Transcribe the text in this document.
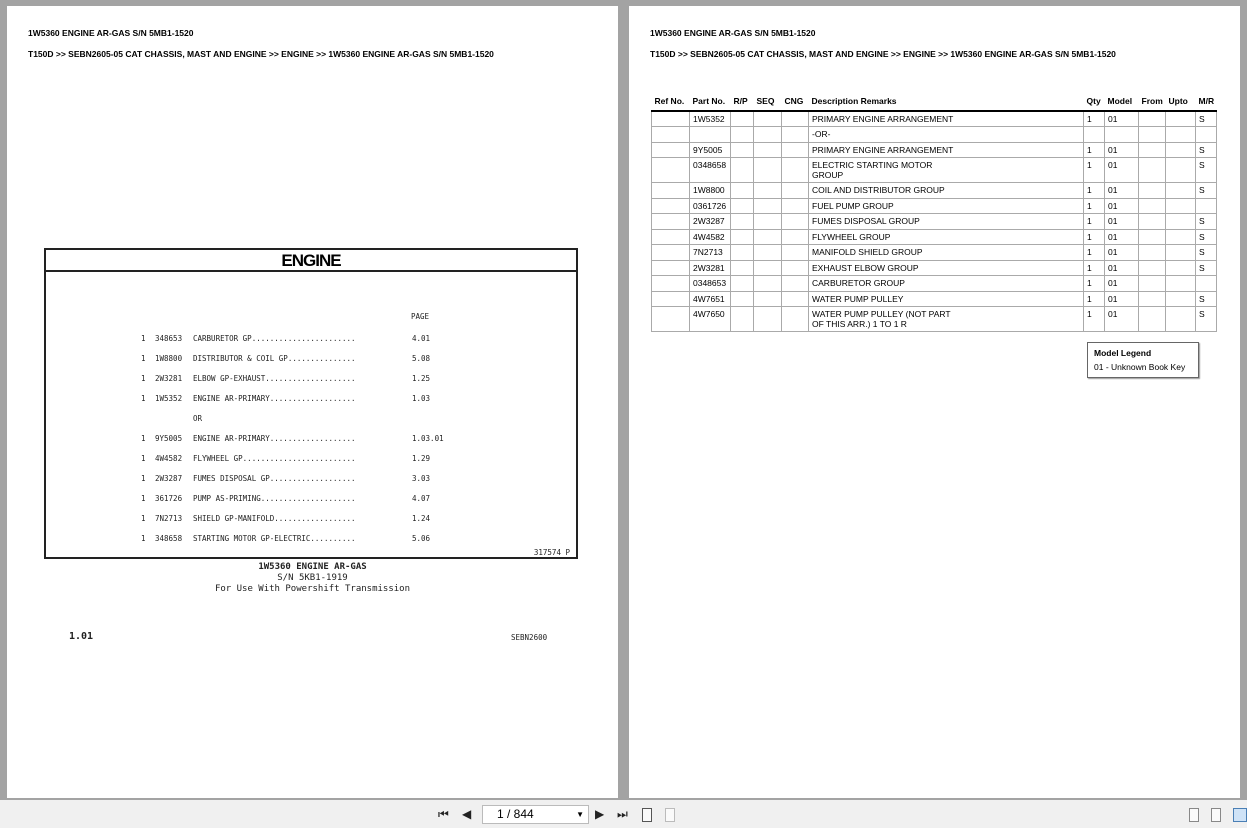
1W5360 ENGINE AR-GAS S/N 5MB1-1520
T150D >> SEBN2605-05 CAT CHASSIS, MAST AND ENGINE >> ENGINE >> 1W5360 ENGINE AR-GAS S/N 5MB1-1520
ENGINE
PAGE
1 348653 CARBURETOR GP.......................	4.01
1 1W8800 DISTRIBUTOR & COIL GP...............	5.08
1 2W3281 ELBOW GP-EXHAUST....................	1.25
1 1W5352 ENGINE AR-PRIMARY...................	1.03
OR
1 9Y5005 ENGINE AR-PRIMARY...................	1.03.01
1 4W4582 FLYWHEEL GP.........................	1.29
1 2W3287 FUMES DISPOSAL GP...................	3.03
1 361726 PUMP AS-PRIMING.....................	4.07
1 7N2713 SHIELD GP-MANIFOLD..................	1.24
1 348658 STARTING MOTOR GP-ELECTRIC..........	5.06
317574 P
1W5360 ENGINE AR-GAS
S/N 5KB1-1919
For Use With Powershift Transmission
1.01	SEBN2600
1W5360 ENGINE AR-GAS S/N 5MB1-1520
T150D >> SEBN2605-05 CAT CHASSIS, MAST AND ENGINE >> ENGINE >> 1W5360 ENGINE AR-GAS S/N 5MB1-1520
Ref No.	Part No.	R/P	SEQ	CNG	Description Remarks	Qty	Model	From	Upto	M/R
	1W5352				PRIMARY ENGINE ARRANGEMENT	1	01			S
					-OR-					
	9Y5005				PRIMARY ENGINE ARRANGEMENT	1	01			S
	0348658				ELECTRIC STARTING MOTOR
GROUP	1	01			S
	1W8800				COIL AND DISTRIBUTOR GROUP	1	01			S
	0361726				FUEL PUMP GROUP	1	01			
	2W3287				FUMES DISPOSAL GROUP	1	01			S
	4W4582				FLYWHEEL GROUP	1	01			S
	7N2713				MANIFOLD SHIELD GROUP	1	01			S
	2W3281				EXHAUST ELBOW GROUP	1	01			S
	0348653				CARBURETOR GROUP	1	01			
	4W7651				WATER PUMP PULLEY	1	01			S
	4W7650				WATER PUMP PULLEY (NOT PART
OF THIS ARR.) 1 TO 1 R	1	01			S
Model Legend
01 - Unknown Book Key
⏮ ◀	1 / 844	▼ ▶ ⏭
